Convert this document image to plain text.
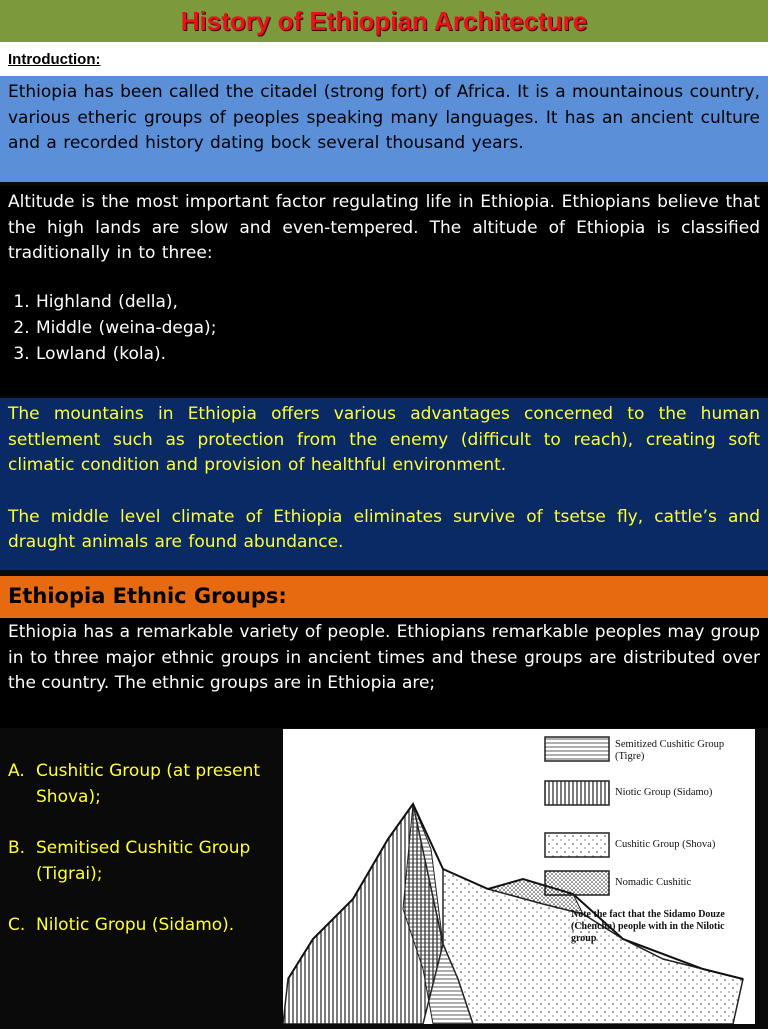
History of Ethiopian Architecture
Introduction:

Ethiopia has been called the citadel (strong fort) of Africa. It is a mountainous country, various etheric groups of peoples speaking many languages. It has an ancient culture and a recorded history dating bock several thousand years.

Altitude is the most important factor regulating life in Ethiopia. Ethiopians believe that the high lands are slow and even-tempered. The altitude of Ethiopia is classified traditionally in to three:

1. Highland (della),
2. Middle (weina-dega);
3. Lowland (kola).

The mountains in Ethiopia offers various advantages concerned to the human settlement such as protection from the enemy (difficult to reach), creating soft climatic condition and provision of healthful environment.

The middle level climate of Ethiopia eliminates survive of tsetse fly, cattle’s and draught animals are found abundance.

Ethiopia Ethnic Groups:
Ethiopia has a remarkable variety of people. Ethiopians remarkable peoples may group in to three major ethnic groups in ancient times and these groups are distributed over the country. The ethnic groups are in Ethiopia are;
A. Cushitic Group (at present Shova);
B. Semitised Cushitic Group (Tigrai);
C. Nilotic Gropu (Sidamo).
Semitized Cushitic Group (Tigre)
Niotic Group (Sidamo)
Cushitic Group (Shova)
Nomadic Cushitic
Note the fact that the Sidamo Douze (Chencha) people with in the Nilotic group
